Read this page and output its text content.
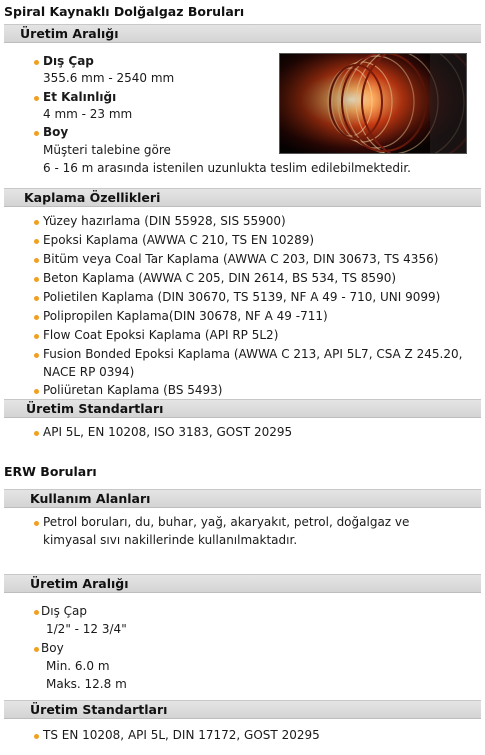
Spiral Kaynaklı Dolğalgaz Boruları
Üretim Aralığı
Dış Çap
355.6 mm - 2540 mm
Et Kalınlığı
4 mm - 23 mm
Boy
Müşteri talebine göre
6 - 16 m arasında istenilen uzunlukta teslim edilebilmektedir.
Kaplama Özellikleri
Yüzey hazırlama (DIN 55928, SIS 55900)
Epoksi Kaplama (AWWA C 210, TS EN 10289)
Bitüm veya Coal Tar Kaplama (AWWA C 203, DIN 30673, TS 4356)
Beton Kaplama (AWWA C 205, DIN 2614, BS 534, TS 8590)
Polietilen Kaplama (DIN 30670, TS 5139, NF A 49 - 710, UNI 9099)
Polipropilen Kaplama(DIN 30678, NF A 49 -711)
Flow Coat Epoksi Kaplama (API RP 5L2)
Fusion Bonded Epoksi Kaplama (AWWA C 213, API 5L7, CSA Z 245.20,
NACE RP 0394)
Poliüretan Kaplama (BS 5493)
Üretim Standartları
API 5L, EN 10208, ISO 3183, GOST 20295
ERW Boruları
Kullanım Alanları
Petrol boruları, du, buhar, yağ, akaryakıt, petrol, doğalgaz ve
kimyasal sıvı nakillerinde kullanılmaktadır.
Üretim Aralığı
Dış Çap
1/2" - 12 3/4"
Boy
Min. 6.0 m
Maks. 12.8 m
Üretim Standartları
TS EN 10208, API 5L, DIN 17172, GOST 20295
